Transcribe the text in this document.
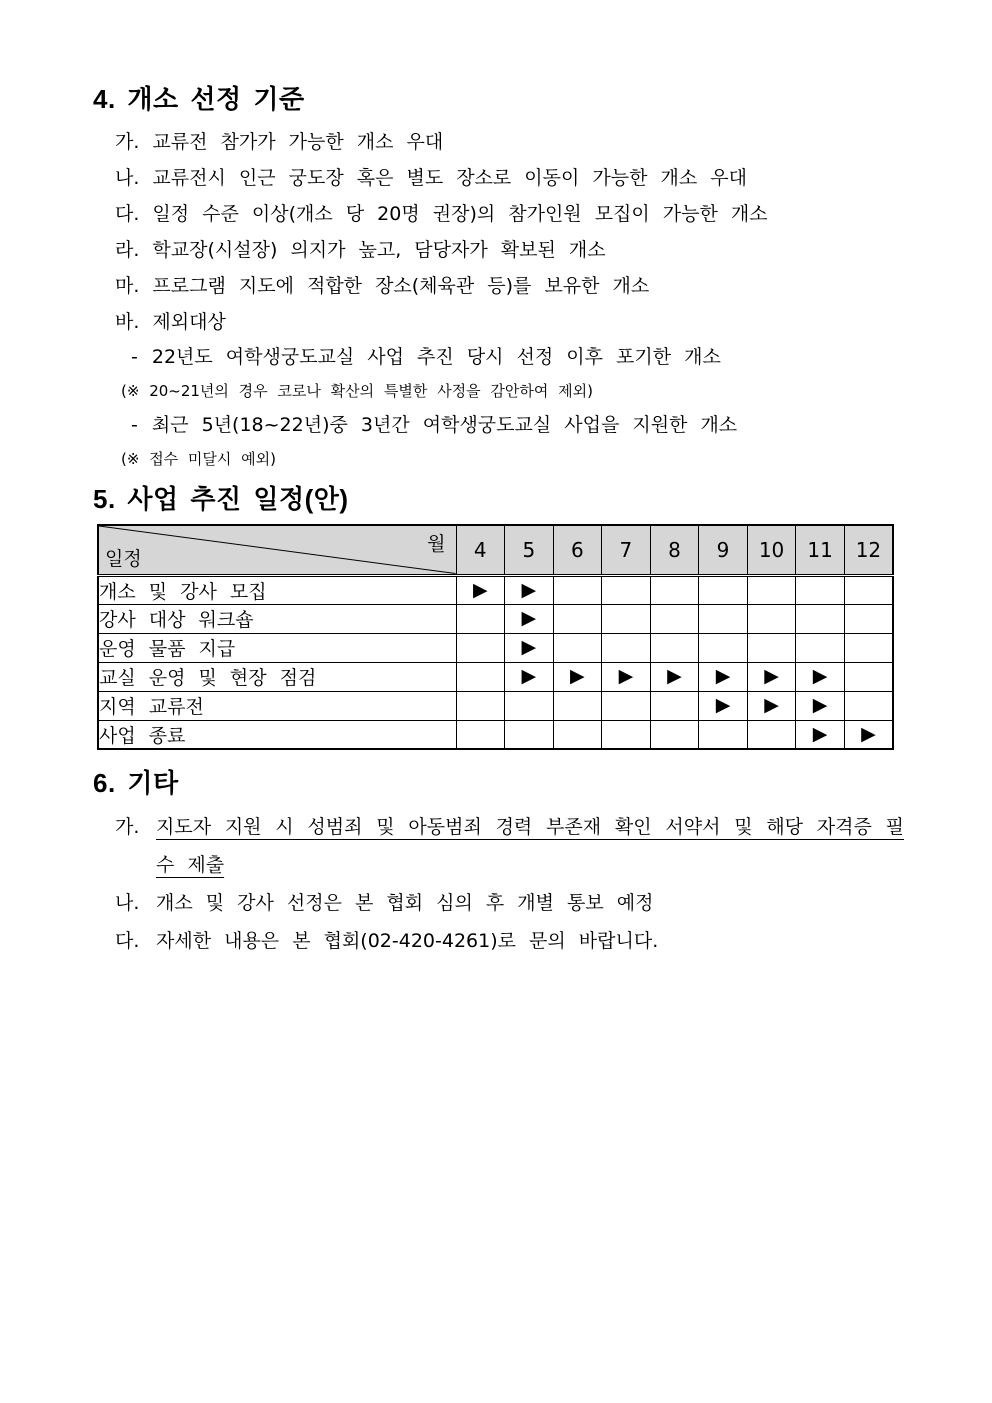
4. 개소 선정 기준
가. 교류전 참가가 가능한 개소 우대
나. 교류전시 인근 궁도장 혹은 별도 장소로 이동이 가능한 개소 우대
다. 일정 수준 이상(개소 당 20명 권장)의 참가인원 모집이 가능한 개소
라. 학교장(시설장) 의지가 높고, 담당자가 확보된 개소
마. 프로그램 지도에 적합한 장소(체육관 등)를 보유한 개소
바. 제외대상
- 22년도 여학생궁도교실 사업 추진 당시 선정 이후 포기한 개소
(※ 20~21년의 경우 코로나 확산의 특별한 사정을 감안하여 제외)
- 최근 5년(18~22년)중 3년간 여학생궁도교실 사업을 지원한 개소
(※ 접수 미달시 예외)
5. 사업 추진 일정(안)
월
일정	4	5	6	7	8	9	10	11	12
개소 및 강사 모집	▶	▶							
강사 대상 워크숍		▶							
운영 물품 지급		▶							
교실 운영 및 현장 점검		▶	▶	▶	▶	▶	▶	▶	
지역 교류전						▶	▶	▶	
사업 종료								▶	▶
6. 기타
가. 지도자 지원 시 성범죄 및 아동범죄 경력 부존재 확인 서약서 및 해당 자격증 필수 제출
나. 개소 및 강사 선정은 본 협회 심의 후 개별 통보 예정
다. 자세한 내용은 본 협회(02-420-4261)로 문의 바랍니다.
